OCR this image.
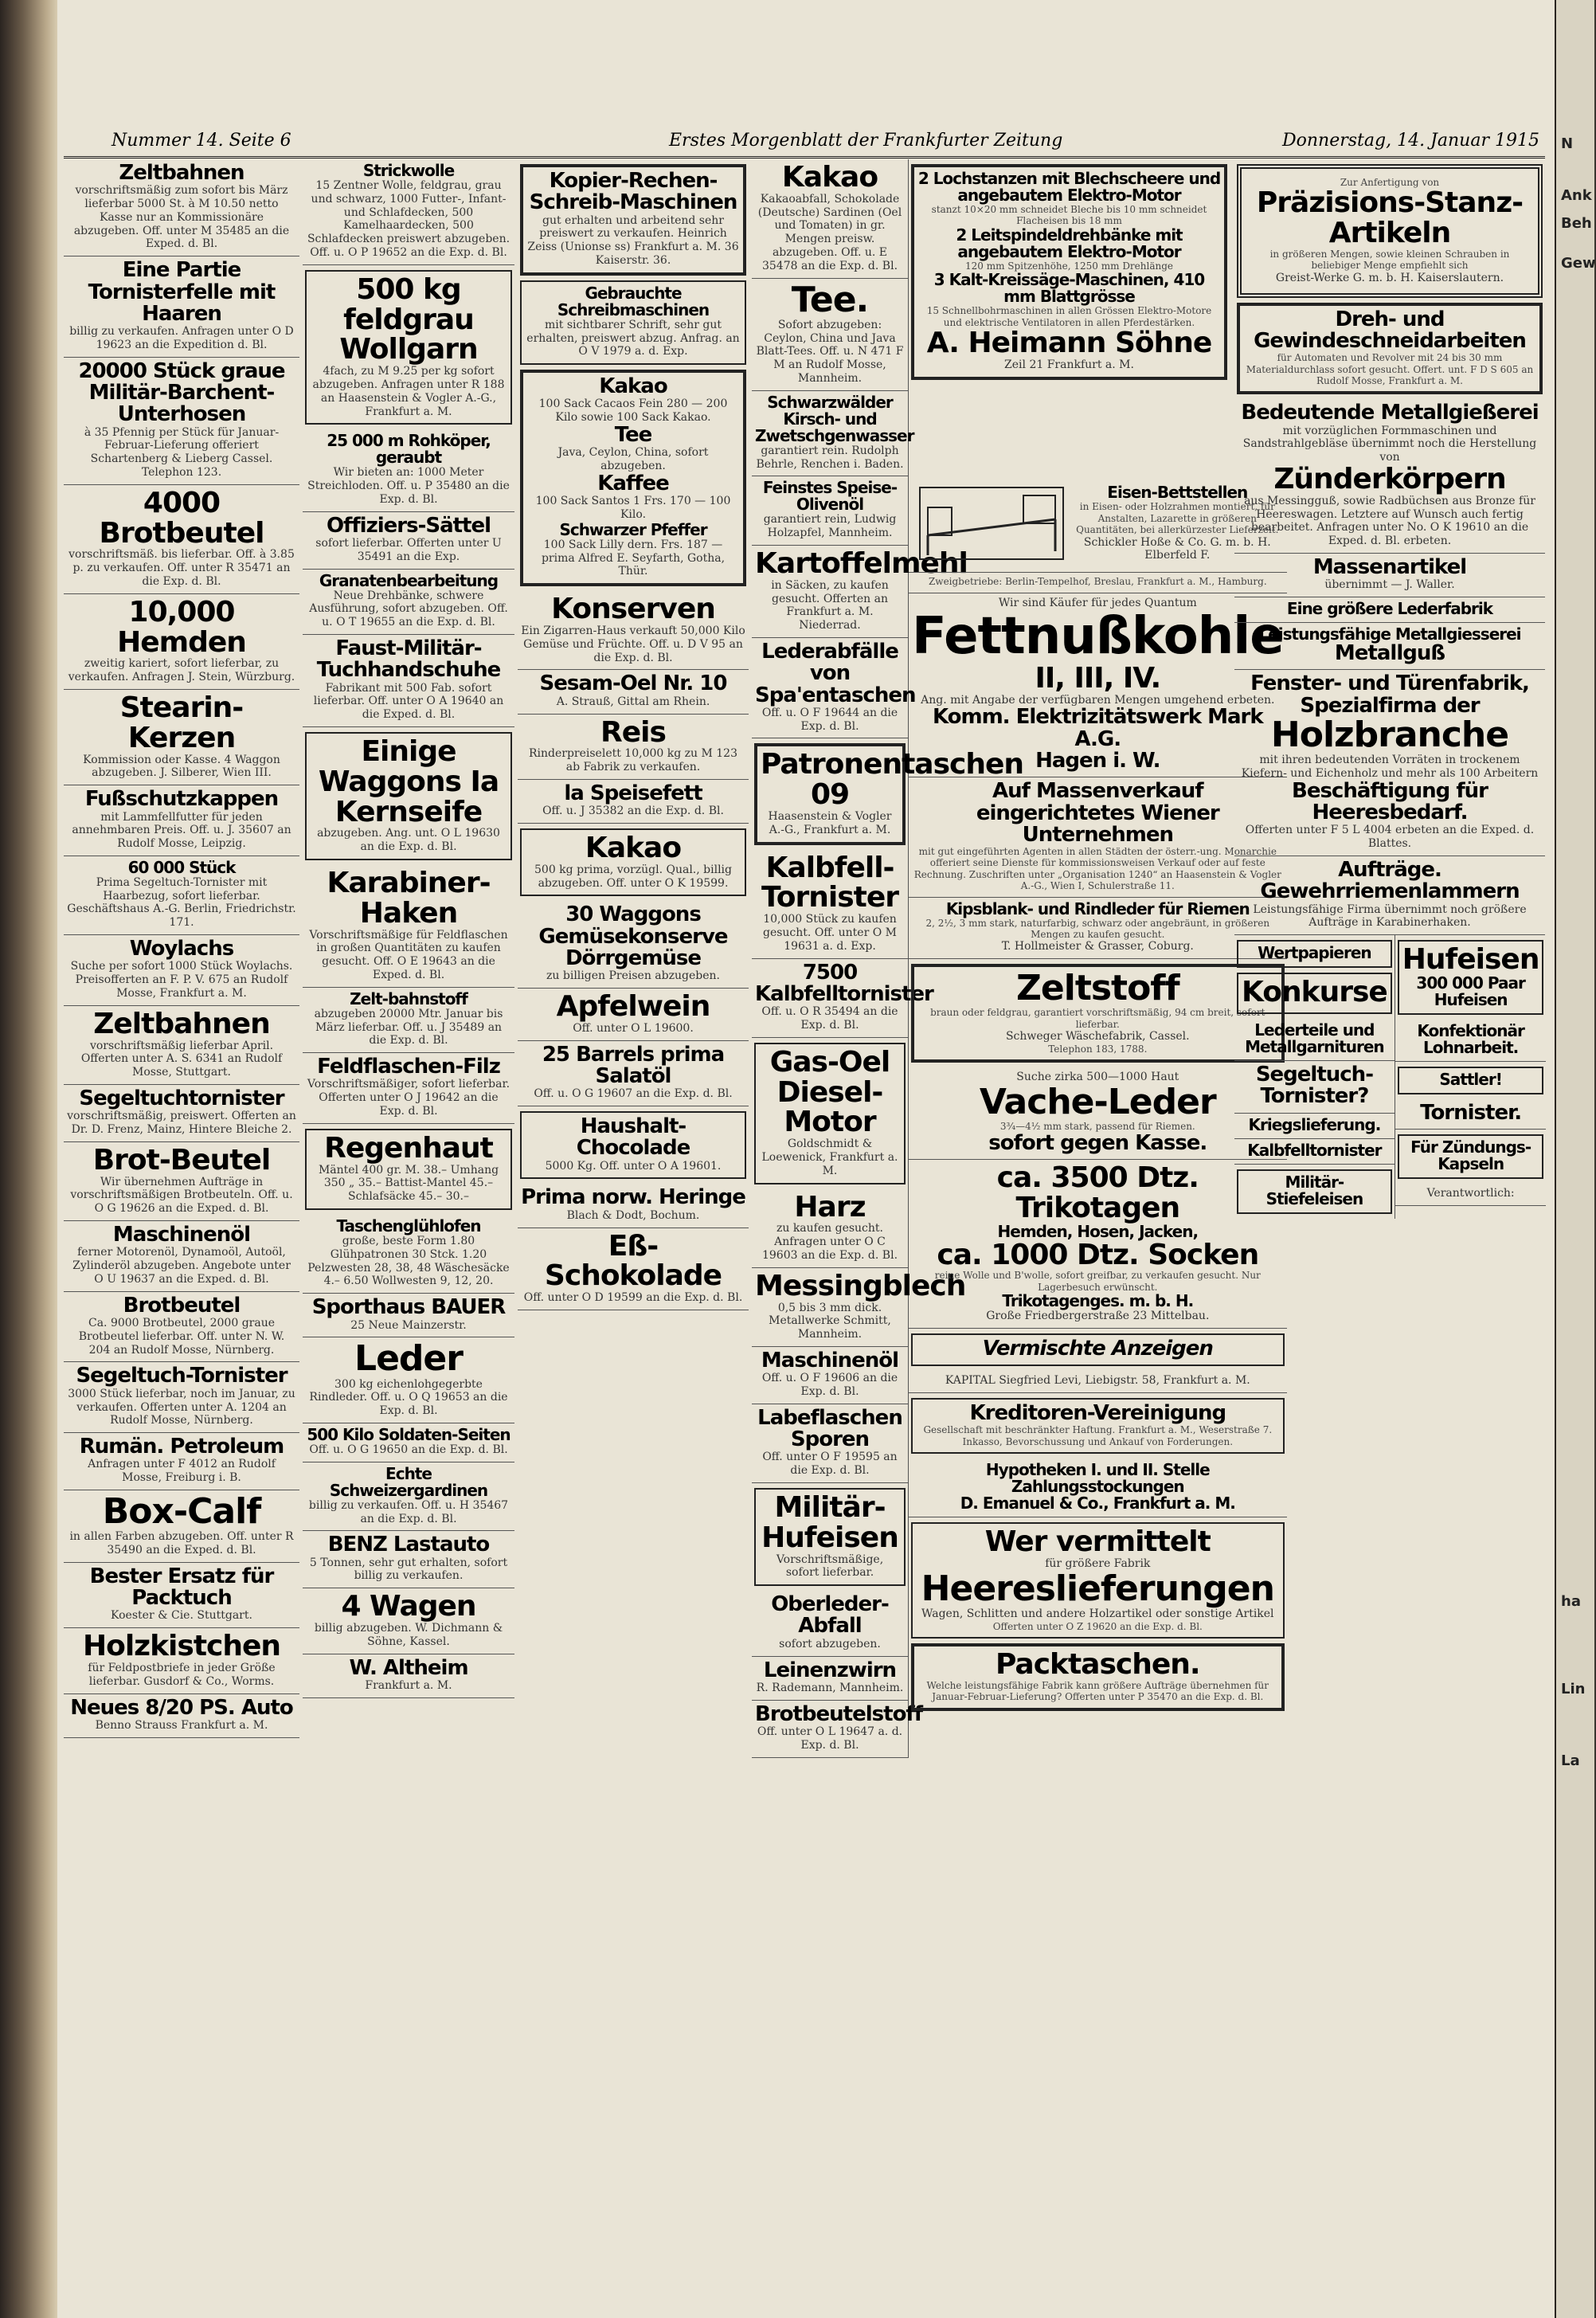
N
Ank
Beh
Gew
ha
Lin
La
Nummer 14. Seite 6	Erstes Morgenblatt der Frankfurter Zeitung	Donnerstag, 14. Januar 1915
Zeltbahnen
vorschriftsmäßig zum sofort bis März lieferbar 5000 St. à M 10.50 netto Kasse nur an Kommissionäre abzugeben. Off. unter M 35485 an die Exped. d. Bl.
Eine Partie Tornisterfelle mit Haaren
billig zu verkaufen. Anfragen unter O D 19623 an die Expedition d. Bl.
20000 Stück graue Militär-Barchent-Unterhosen
à 35 Pfennig per Stück für Januar-Februar-Lieferung offeriert Schartenberg & Lieberg Cassel. Telephon 123.
4000 Brotbeutel
vorschriftsmäß. bis lieferbar. Off. à 3.85 p. zu verkaufen. Off. unter R 35471 an die Exp. d. Bl.
10,000 Hemden
zweitig kariert, sofort lieferbar, zu verkaufen. Anfragen J. Stein, Würzburg.
Stearin-Kerzen
Kommission oder Kasse. 4 Waggon abzugeben. J. Silberer, Wien III.
Fußschutzkappen
mit Lammfellfutter für jeden annehmbaren Preis. Off. u. J. 35607 an Rudolf Mosse, Leipzig.
60 000 Stück
Prima Segeltuch-Tornister mit Haarbezug, sofort lieferbar. Geschäftshaus A.-G. Berlin, Friedrichstr. 171.
Woylachs
Suche per sofort 1000 Stück Woylachs. Preisofferten an F. P. V. 675 an Rudolf Mosse, Frankfurt a. M.
Zeltbahnen
vorschriftsmäßig lieferbar April. Offerten unter A. S. 6341 an Rudolf Mosse, Stuttgart.
Segeltuchtornister
vorschriftsmäßig, preiswert. Offerten an Dr. D. Frenz, Mainz, Hintere Bleiche 2.
Brot-Beutel
Wir übernehmen Aufträge in vorschriftsmäßigen Brotbeuteln. Off. u. O G 19626 an die Exped. d. Bl.
Maschinenöl
ferner Motorenöl, Dynamoöl, Autoöl, Zylinderöl abzugeben. Angebote unter O U 19637 an die Exped. d. Bl.
Brotbeutel
Ca. 9000 Brotbeutel, 2000 graue Brotbeutel lieferbar. Off. unter N. W. 204 an Rudolf Mosse, Nürnberg.
Segeltuch-Tornister
3000 Stück lieferbar, noch im Januar, zu verkaufen. Offerten unter A. 1204 an Rudolf Mosse, Nürnberg.
Rumän. Petroleum
Anfragen unter F 4012 an Rudolf Mosse, Freiburg i. B.
Box-Calf
in allen Farben abzugeben. Off. unter R 35490 an die Exped. d. Bl.
Bester Ersatz für Packtuch
Koester & Cie. Stuttgart.
Holzkistchen
für Feldpostbriefe in jeder Größe lieferbar. Gusdorf & Co., Worms.
Neues 8/20 PS. Auto
Benno Strauss Frankfurt a. M.
Strickwolle
15 Zentner Wolle, feldgrau, grau und schwarz, 1000 Futter-, Infant- und Schlafdecken, 500 Kamelhaardecken, 500 Schlafdecken preiswert abzugeben. Off. u. O P 19652 an die Exp. d. Bl.
500 kg feldgrau Wollgarn
4fach, zu M 9.25 per kg sofort abzugeben. Anfragen unter R 188 an Haasenstein & Vogler A.-G., Frankfurt a. M.
25 000 m Rohköper, geraubt
Wir bieten an: 1000 Meter Streichloden. Off. u. P 35480 an die Exp. d. Bl.
Offiziers-Sättel
sofort lieferbar. Offerten unter U 35491 an die Exp.
Granatenbearbeitung
Neue Drehbänke, schwere Ausführung, sofort abzugeben. Off. u. O T 19655 an die Exp. d. Bl.
Faust-Militär-Tuchhandschuhe
Fabrikant mit 500 Fab. sofort lieferbar. Off. unter O A 19640 an die Exped. d. Bl.
Einige Waggons Ia Kernseife
abzugeben. Ang. unt. O L 19630 an die Exp. d. Bl.
Karabiner-Haken
Vorschriftsmäßige für Feldflaschen in großen Quantitäten zu kaufen gesucht. Off. O E 19643 an die Exped. d. Bl.
Zelt-bahnstoff
abzugeben 20000 Mtr. Januar bis März lieferbar. Off. u. J 35489 an die Exp. d. Bl.
Feldflaschen-Filz
Vorschriftsmäßiger, sofort lieferbar. Offerten unter O J 19642 an die Exp. d. Bl.
Regenhaut
Mäntel 400 gr. M. 38.– Umhang 350 „ 35.– Battist-Mantel 45.– Schlafsäcke 45.– 30.–
Taschenglühlofen
große, beste Form 1.80 Glühpatronen 30 Stck. 1.20 Pelzwesten 28, 38, 48 Wäschesäcke 4.– 6.50 Wollwesten 9, 12, 20.
Sporthaus BAUER
25 Neue Mainzerstr.
Leder
300 kg eichenlohgegerbte Rindleder. Off. u. O Q 19653 an die Exp. d. Bl.
500 Kilo Soldaten-Seiten
Off. u. O G 19650 an die Exp. d. Bl.
Echte Schweizergardinen
billig zu verkaufen. Off. u. H 35467 an die Exp. d. Bl.
BENZ Lastauto
5 Tonnen, sehr gut erhalten, sofort billig zu verkaufen.
4 Wagen
billig abzugeben. W. Dichmann & Söhne, Kassel.
W. Altheim
Frankfurt a. M.
Kopier-Rechen-Schreib-Maschinen
gut erhalten und arbeitend sehr preiswert zu verkaufen. Heinrich Zeiss (Unionse ss) Frankfurt a. M. 36 Kaiserstr. 36.
Gebrauchte Schreibmaschinen
mit sichtbarer Schrift, sehr gut erhalten, preiswert abzug. Anfrag. an O V 1979 a. d. Exp.
Kakao
100 Sack Cacaos Fein 280 — 200 Kilo sowie 100 Sack Kakao.
Tee
Java, Ceylon, China, sofort abzugeben.
Kaffee
100 Sack Santos 1 Frs. 170 — 100 Kilo.
Schwarzer Pfeffer
100 Sack Lilly dern. Frs. 187 — prima Alfred E. Seyfarth, Gotha, Thür.
Konserven
Ein Zigarren-Haus verkauft 50,000 Kilo Gemüse und Früchte. Off. u. D V 95 an die Exp. d. Bl.
Sesam-Oel Nr. 10
A. Strauß, Gittal am Rhein.
Reis
Rinderpreiselett 10,000 kg zu M 123 ab Fabrik zu verkaufen.
la Speisefett
Off. u. J 35382 an die Exp. d. Bl.
Kakao
500 kg prima, vorzügl. Qual., billig abzugeben. Off. unter O K 19599.
30 Waggons Gemüsekonserve Dörrgemüse
zu billigen Preisen abzugeben.
Apfelwein
Off. unter O L 19600.
25 Barrels prima Salatöl
Off. u. O G 19607 an die Exp. d. Bl.
Haushalt-Chocolade
5000 Kg. Off. unter O A 19601.
Prima norw. Heringe
Blach & Dodt, Bochum.
Eß-Schokolade
Off. unter O D 19599 an die Exp. d. Bl.
Kakao
Kakaoabfall, Schokolade (Deutsche) Sardinen (Oel und Tomaten) in gr. Mengen preisw. abzugeben. Off. u. E 35478 an die Exp. d. Bl.
Tee.
Sofort abzugeben: Ceylon, China und Java Blatt-Tees. Off. u. N 471 F M an Rudolf Mosse, Mannheim.
Schwarzwälder Kirsch- und Zwetschgenwasser
garantiert rein. Rudolph Behrle, Renchen i. Baden.
2 Lochstanzen mit Blechscheere und angebautem Elektro-Motor
stanzt 10×20 mm schneidet Bleche bis 10 mm schneidet Flacheisen bis 18 mm
2 Leitspindeldrehbänke mit angebautem Elektro-Motor
120 mm Spitzenhöhe, 1250 mm Drehlänge
3 Kalt-Kreissäge-Maschinen, 410 mm Blattgrösse
15 Schnellbohrmaschinen in allen Grössen Elektro-Motore und elektrische Ventilatoren in allen Pferdestärken.
A. Heimann Söhne
Zeil 21 Frankfurt a. M.
Feinstes Speise-Olivenöl
garantiert rein, Ludwig Holzapfel, Mannheim.
Kartoffelmehl
in Säcken, zu kaufen gesucht. Offerten an Frankfurt a. M. Niederrad.
Lederabfälle von Spa'entaschen
Off. u. O F 19644 an die Exp. d. Bl.
Patronentaschen 09
Haasenstein & Vogler A.-G., Frankfurt a. M.
Kalbfell-Tornister
10,000 Stück zu kaufen gesucht. Off. unter O M 19631 a. d. Exp.
7500 Kalbfelltornister
Off. u. O R 35494 an die Exp. d. Bl.
Gas-Oel Diesel-Motor
Goldschmidt & Loewenick, Frankfurt a. M.
Harz
zu kaufen gesucht. Anfragen unter O C 19603 an die Exp. d. Bl.
Messingblech
0,5 bis 3 mm dick. Metallwerke Schmitt, Mannheim.
Maschinenöl
Off. u. O F 19606 an die Exp. d. Bl.
Labeflaschen Sporen
Off. unter O F 19595 an die Exp. d. Bl.
Militär-Hufeisen
Vorschriftsmäßige, sofort lieferbar.
Oberleder-Abfall
sofort abzugeben.
Leinenzwirn
R. Rademann, Mannheim.
Brotbeutelstoff
Off. unter O L 19647 a. d. Exp. d. Bl.
Eisen-Bettstellen
in Eisen- oder Holzrahmen montiert, für Anstalten, Lazarette in größeren Quantitäten, bei allerkürzester Lieferzeit.
Schickler Hoße & Co. G. m. b. H.
Elberfeld F.
Zweigbetriebe: Berlin-Tempelhof, Breslau, Frankfurt a. M., Hamburg.
Wir sind Käufer für jedes Quantum
Fettnußkohle
II, III, IV.
Ang. mit Angabe der verfügbaren Mengen umgehend erbeten.
Komm. Elektrizitätswerk Mark A.G.
Hagen i. W.
Auf Massenverkauf eingerichtetes Wiener Unternehmen
mit gut eingeführten Agenten in allen Städten der österr.-ung. Monarchie offeriert seine Dienste für kommissionsweisen Verkauf oder auf feste Rechnung. Zuschriften unter „Organisation 1240“ an Haasenstein & Vogler A.-G., Wien I, Schulerstraße 11.
Kipsblank- und Rindleder für Riemen
2, 2½, 3 mm stark, naturfarbig, schwarz oder angebräunt, in größeren Mengen zu kaufen gesucht.
T. Hollmeister & Grasser, Coburg.
Zeltstoff
braun oder feldgrau, garantiert vorschriftsmäßig, 94 cm breit, sofort lieferbar.
Schweger Wäschefabrik, Cassel.
Telephon 183, 1788.
Suche zirka 500—1000 Haut
Vache-Leder
3¾—4½ mm stark, passend für Riemen.
sofort gegen Kasse.
ca. 3500 Dtz. Trikotagen
Hemden, Hosen, Jacken,
ca. 1000 Dtz. Socken
reine Wolle und B'wolle, sofort greifbar, zu verkaufen gesucht. Nur Lagerbesuch erwünscht.
Trikotagenges. m. b. H.
Große Friedbergerstraße 23 Mittelbau.
Vermischte Anzeigen
KAPITAL Siegfried Levi, Liebigstr. 58, Frankfurt a. M.
Kreditoren-Vereinigung
Gesellschaft mit beschränkter Haftung. Frankfurt a. M., Weserstraße 7. Inkasso, Bevorschussung und Ankauf von Forderungen.
Hypotheken I. und II. Stelle
Zahlungsstockungen
D. Emanuel & Co., Frankfurt a. M.
Wer vermittelt
für größere Fabrik
Heereslieferungen
Wagen, Schlitten und andere Holzartikel oder sonstige Artikel
Offerten unter O Z 19620 an die Exp. d. Bl.
Packtaschen.
Welche leistungsfähige Fabrik kann größere Aufträge übernehmen für Januar-Februar-Lieferung? Offerten unter P 35470 an die Exp. d. Bl.
Zur Anfertigung von
Präzisions-Stanz-Artikeln
in größeren Mengen, sowie kleinen Schrauben in beliebiger Menge empfiehlt sich
Greist-Werke G. m. b. H. Kaiserslautern.
Dreh- und Gewindeschneidarbeiten
für Automaten und Revolver mit 24 bis 30 mm Materialdurchlass sofort gesucht. Offert. unt. F D S 605 an Rudolf Mosse, Frankfurt a. M.
Bedeutende Metallgießerei
mit vorzüglichen Formmaschinen und Sandstrahlgebläse übernimmt noch die Herstellung von
Zünderkörpern
aus Messingguß, sowie Radbüchsen aus Bronze für Heereswagen. Letztere auf Wunsch auch fertig bearbeitet. Anfragen unter No. O K 19610 an die Exped. d. Bl. erbeten.
Massenartikel
übernimmt — J. Waller.
Eine größere Lederfabrik
Leistungsfähige Metallgiesserei
Metallguß
Fenster- und Türenfabrik, Spezialfirma der
Holzbranche
mit ihren bedeutenden Vorräten in trockenem Kiefern- und Eichenholz und mehr als 100 Arbeitern
Beschäftigung für Heeresbedarf.
Offerten unter F 5 L 4004 erbeten an die Exped. d. Blattes.
Aufträge.
Gewehrriemenlammern
Leistungsfähige Firma übernimmt noch größere Aufträge in Karabinerhaken.
Wertpapieren
Konkurse
Lederteile und Metallgarnituren
Segeltuch-Tornister?
Kriegslieferung.
Kalbfelltornister
Militär-Stiefeleisen
Hufeisen
300 000 Paar Hufeisen
Konfektionär
Lohnarbeit.
Sattler!
Tornister.
Für Zündungs-Kapseln
Verantwortlich:
